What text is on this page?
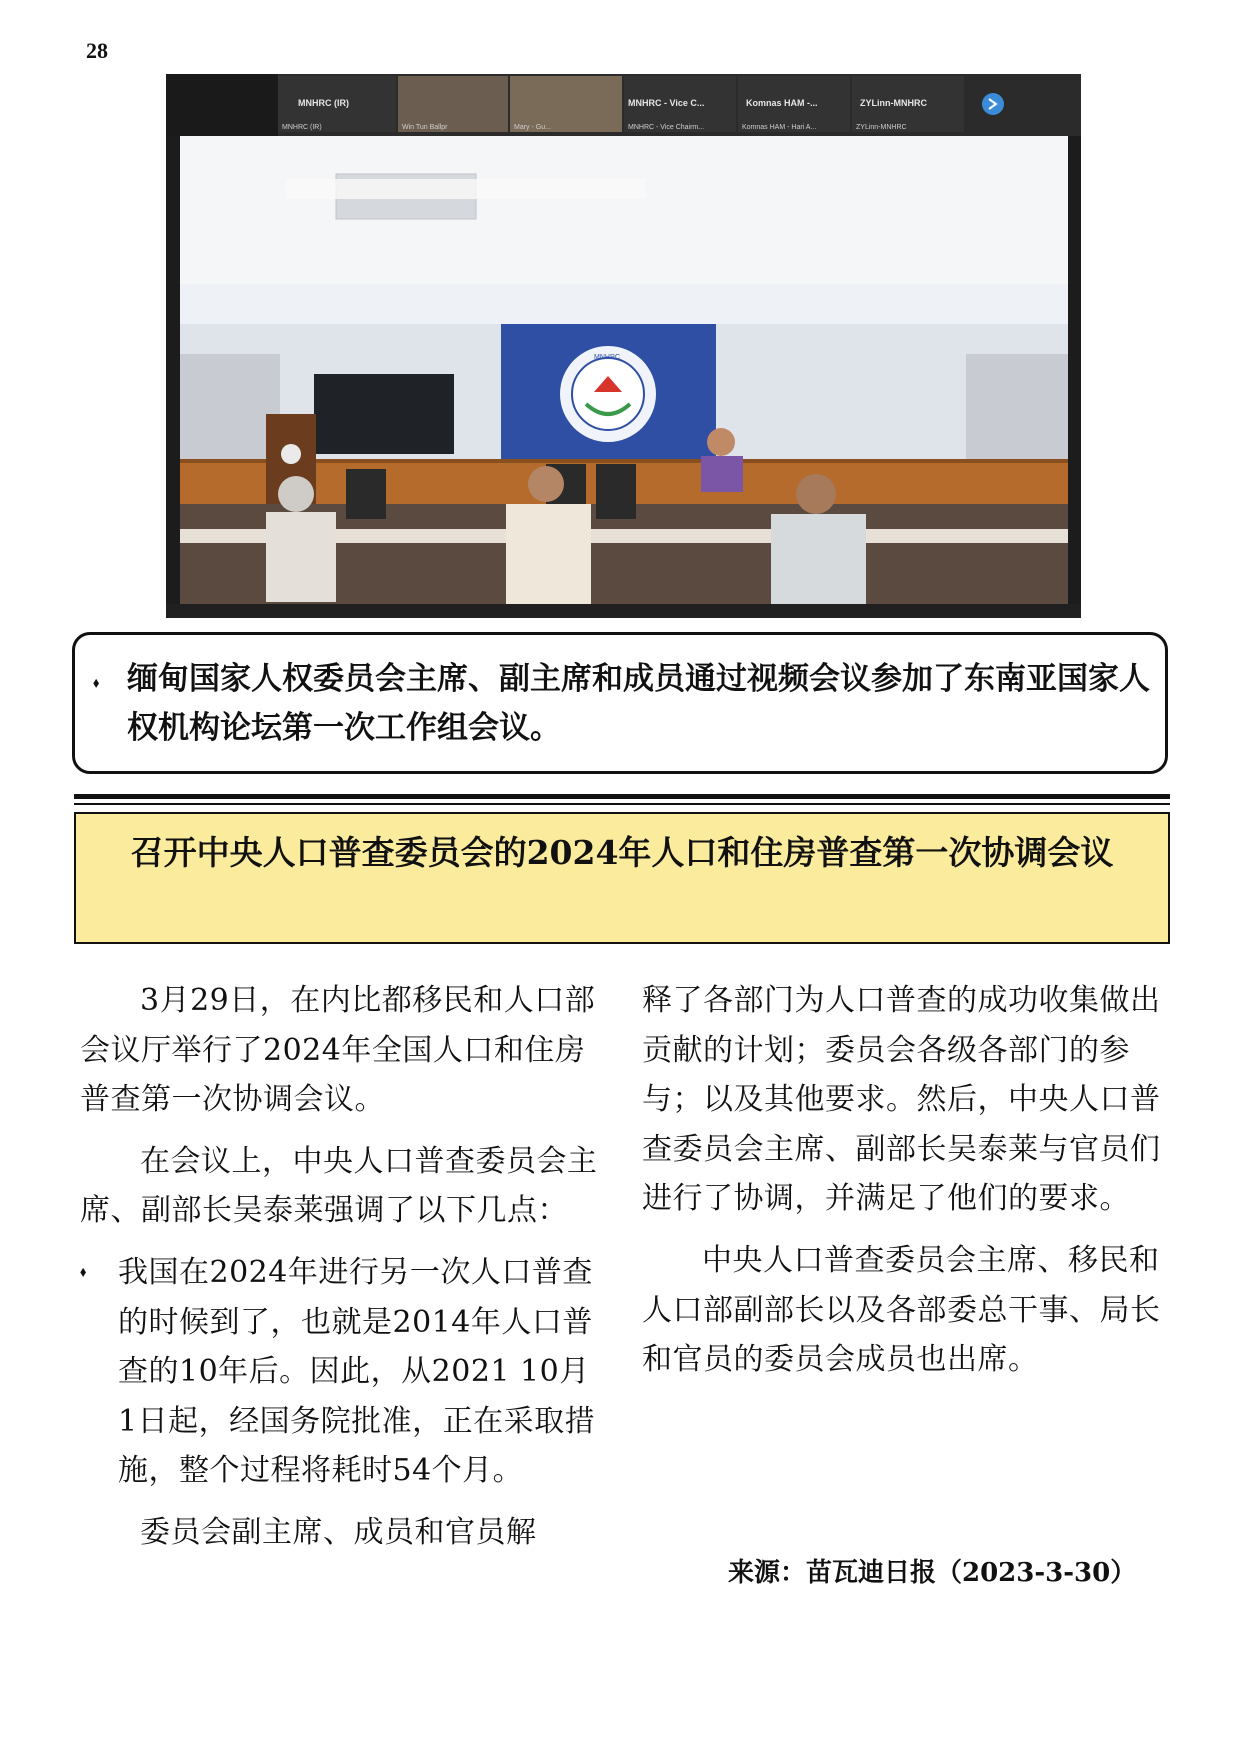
28
MNHRC (IR)
MNHRC (IR)	Win Tun Ballpr	Mary - Gu...
MNHRC - Vice C...
MNHRC - Vice Chairm...
Komnas HAM -...
Komnas HAM - Hari A...
ZYLinn-MNHRC
ZYLinn-MNHRC
MNHRC
⬧ 缅甸国家人权委员会主席、副主席和成员通过视频会议参加了东南亚国家人权机构论坛第一次工作组会议。
召开中央人口普查委员会的2024年人口和住房普查第一次协调会议

3月29日，在内比都移民和人口部会议厅举行了2024年全国人口和住房普查第一次协调会议。

在会议上，中央人口普查委员会主席、副部长吴泰莱强调了以下几点：

⬧ 我国在2024年进行另一次人口普查的时候到了，也就是2014年人口普查的10年后。因此，从2021 10月1日起，经国务院批准，正在采取措施，整个过程将耗时54个月。

委员会副主席、成员和官员解

释了各部门为人口普查的成功收集做出贡献的计划；委员会各级各部门的参与；以及其他要求。然后，中央人口普查委员会主席、副部长吴泰莱与官员们进行了协调，并满足了他们的要求。

中央人口普查委员会主席、移民和人口部副部长以及各部委总干事、局长和官员的委员会成员也出席。

来源：苗瓦迪日报（2023-3-30）
